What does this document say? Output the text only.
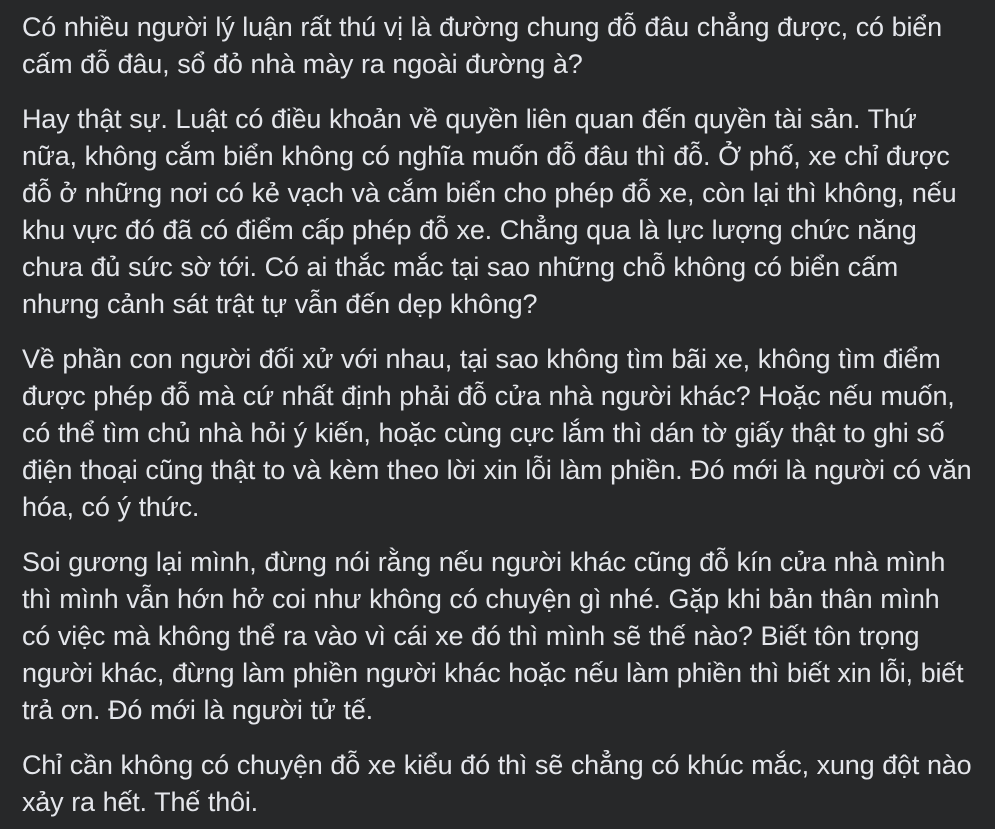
Có nhiều người lý luận rất thú vị là đường chung đỗ đâu chẳng được, có biển cấm đỗ đâu, sổ đỏ nhà mày ra ngoài đường à?

Hay thật sự. Luật có điều khoản về quyền liên quan đến quyền tài sản. Thứ nữa, không cắm biển không có nghĩa muốn đỗ đâu thì đỗ. Ở phố, xe chỉ được đỗ ở những nơi có kẻ vạch và cắm biển cho phép đỗ xe, còn lại thì không, nếu khu vực đó đã có điểm cấp phép đỗ xe. Chẳng qua là lực lượng chức năng chưa đủ sức sờ tới. Có ai thắc mắc tại sao những chỗ không có biển cấm nhưng cảnh sát trật tự vẫn đến dẹp không?

Về phần con người đối xử với nhau, tại sao không tìm bãi xe, không tìm điểm được phép đỗ mà cứ nhất định phải đỗ cửa nhà người khác? Hoặc nếu muốn, có thể tìm chủ nhà hỏi ý kiến, hoặc cùng cực lắm thì dán tờ giấy thật to ghi số điện thoại cũng thật to và kèm theo lời xin lỗi làm phiền. Đó mới là người có văn hóa, có ý thức.

Soi gương lại mình, đừng nói rằng nếu người khác cũng đỗ kín cửa nhà mình thì mình vẫn hớn hở coi như không có chuyện gì nhé. Gặp khi bản thân mình có việc mà không thể ra vào vì cái xe đó thì mình sẽ thế nào? Biết tôn trọng người khác, đừng làm phiền người khác hoặc nếu làm phiền thì biết xin lỗi, biết trả ơn. Đó mới là người tử tế.

Chỉ cần không có chuyện đỗ xe kiểu đó thì sẽ chẳng có khúc mắc, xung đột nào xảy ra hết. Thế thôi.
